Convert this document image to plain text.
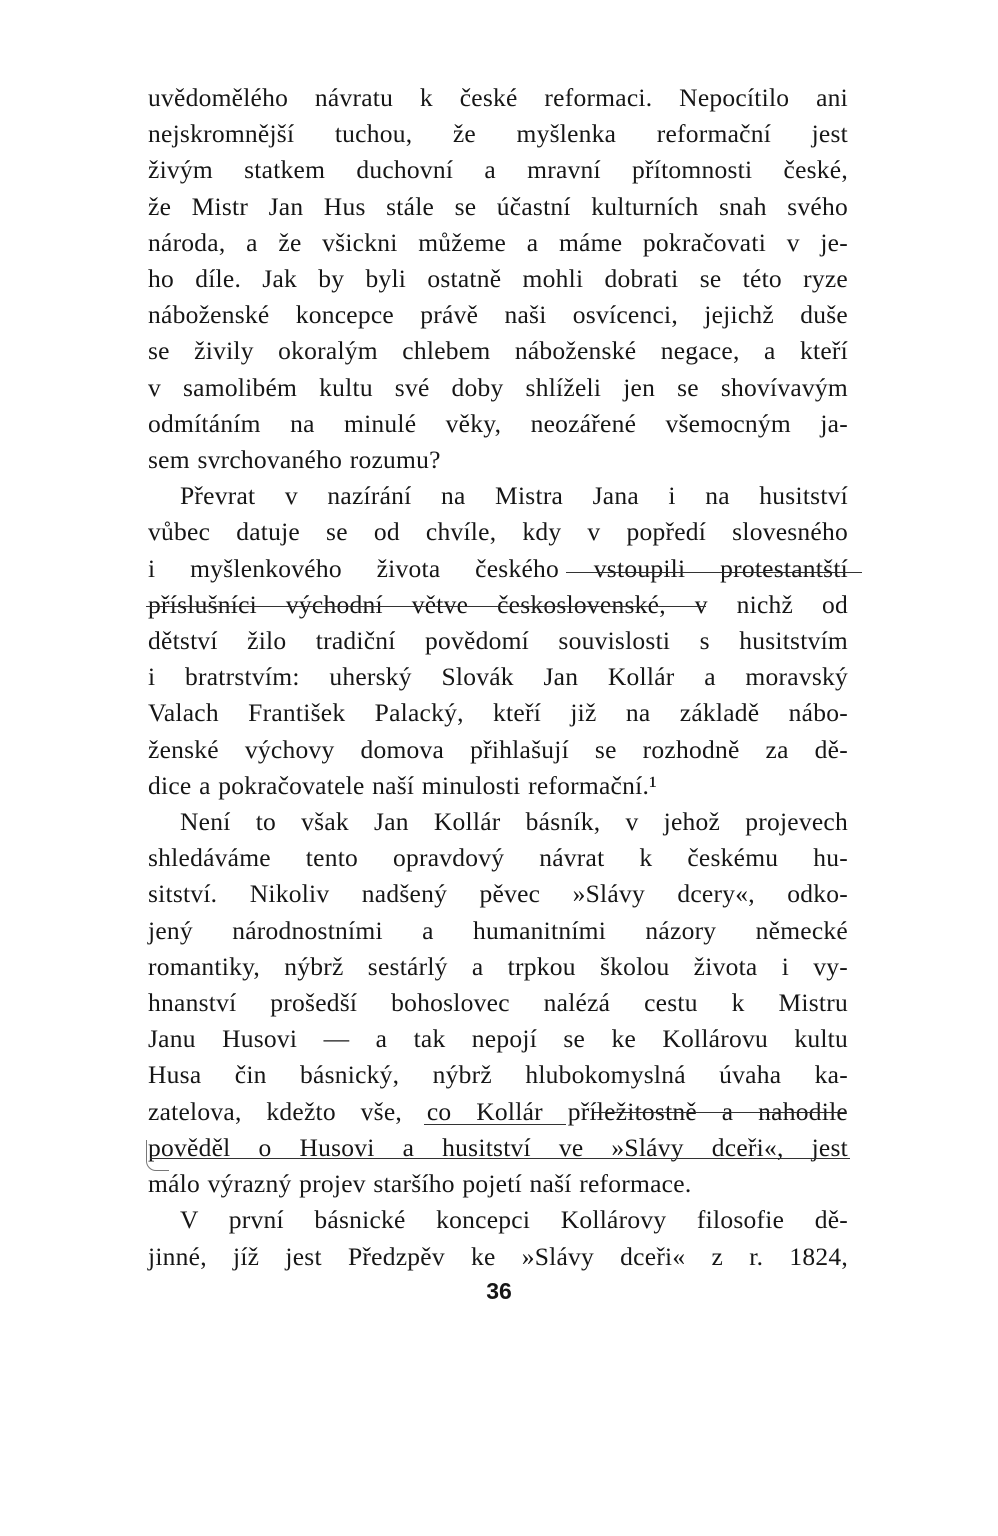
uvědomělého návratu k české reformaci. Nepocítilo ani
nejskromnější tuchou, že myšlenka reformační jest
živým statkem duchovní a mravní přítomnosti české,
že Mistr Jan Hus stále se účastní kulturních snah svého
národa, a že všickni můžeme a máme pokračovati v je-
ho díle. Jak by byli ostatně mohli dobrati se této ryze
náboženské koncepce právě naši osvícenci, jejichž duše
se živily okoralým chlebem náboženské negace, a kteří
v samolibém kultu své doby shlíželi jen se shovívavým
odmítáním na minulé věky, neozářené všemocným ja-
sem svrchovaného rozumu?
Převrat v nazírání na Mistra Jana i na husitství
vůbec datuje se od chvíle, kdy v popředí slovesného
i myšlenkového života českého vstoupili protestantští
příslušníci východní větve československé, v nichž od
dětství žilo tradiční povědomí souvislosti s husitstvím
i bratrstvím: uherský Slovák Jan Kollár a moravský
Valach František Palacký, kteří již na základě nábo-
ženské výchovy domova přihlašují se rozhodně za dě-
dice a pokračovatele naší minulosti reformační.¹
Není to však Jan Kollár básník, v jehož projevech
shledáváme tento opravdový návrat k českému hu-
sitství. Nikoliv nadšený pěvec »Slávy dcery«, odko-
jený národnostními a humanitními názory německé
romantiky, nýbrž sestárlý a trpkou školou života i vy-
hnanství prošedší bohoslovec nalézá cestu k Mistru
Janu Husovi — a tak nepojí se ke Kollárovu kultu
Husa čin básnický, nýbrž hlubokomyslná úvaha ka-
zatelova, kdežto vše, co Kollár příležitostně a nahodile
pověděl o Husovi a husitství ve »Slávy dceři«, jest
málo výrazný projev staršího pojetí naší reformace.
V první básnické koncepci Kollárovy filosofie dě-
jinné, jíž jest Předzpěv ke »Slávy dceři« z r. 1824,
36
